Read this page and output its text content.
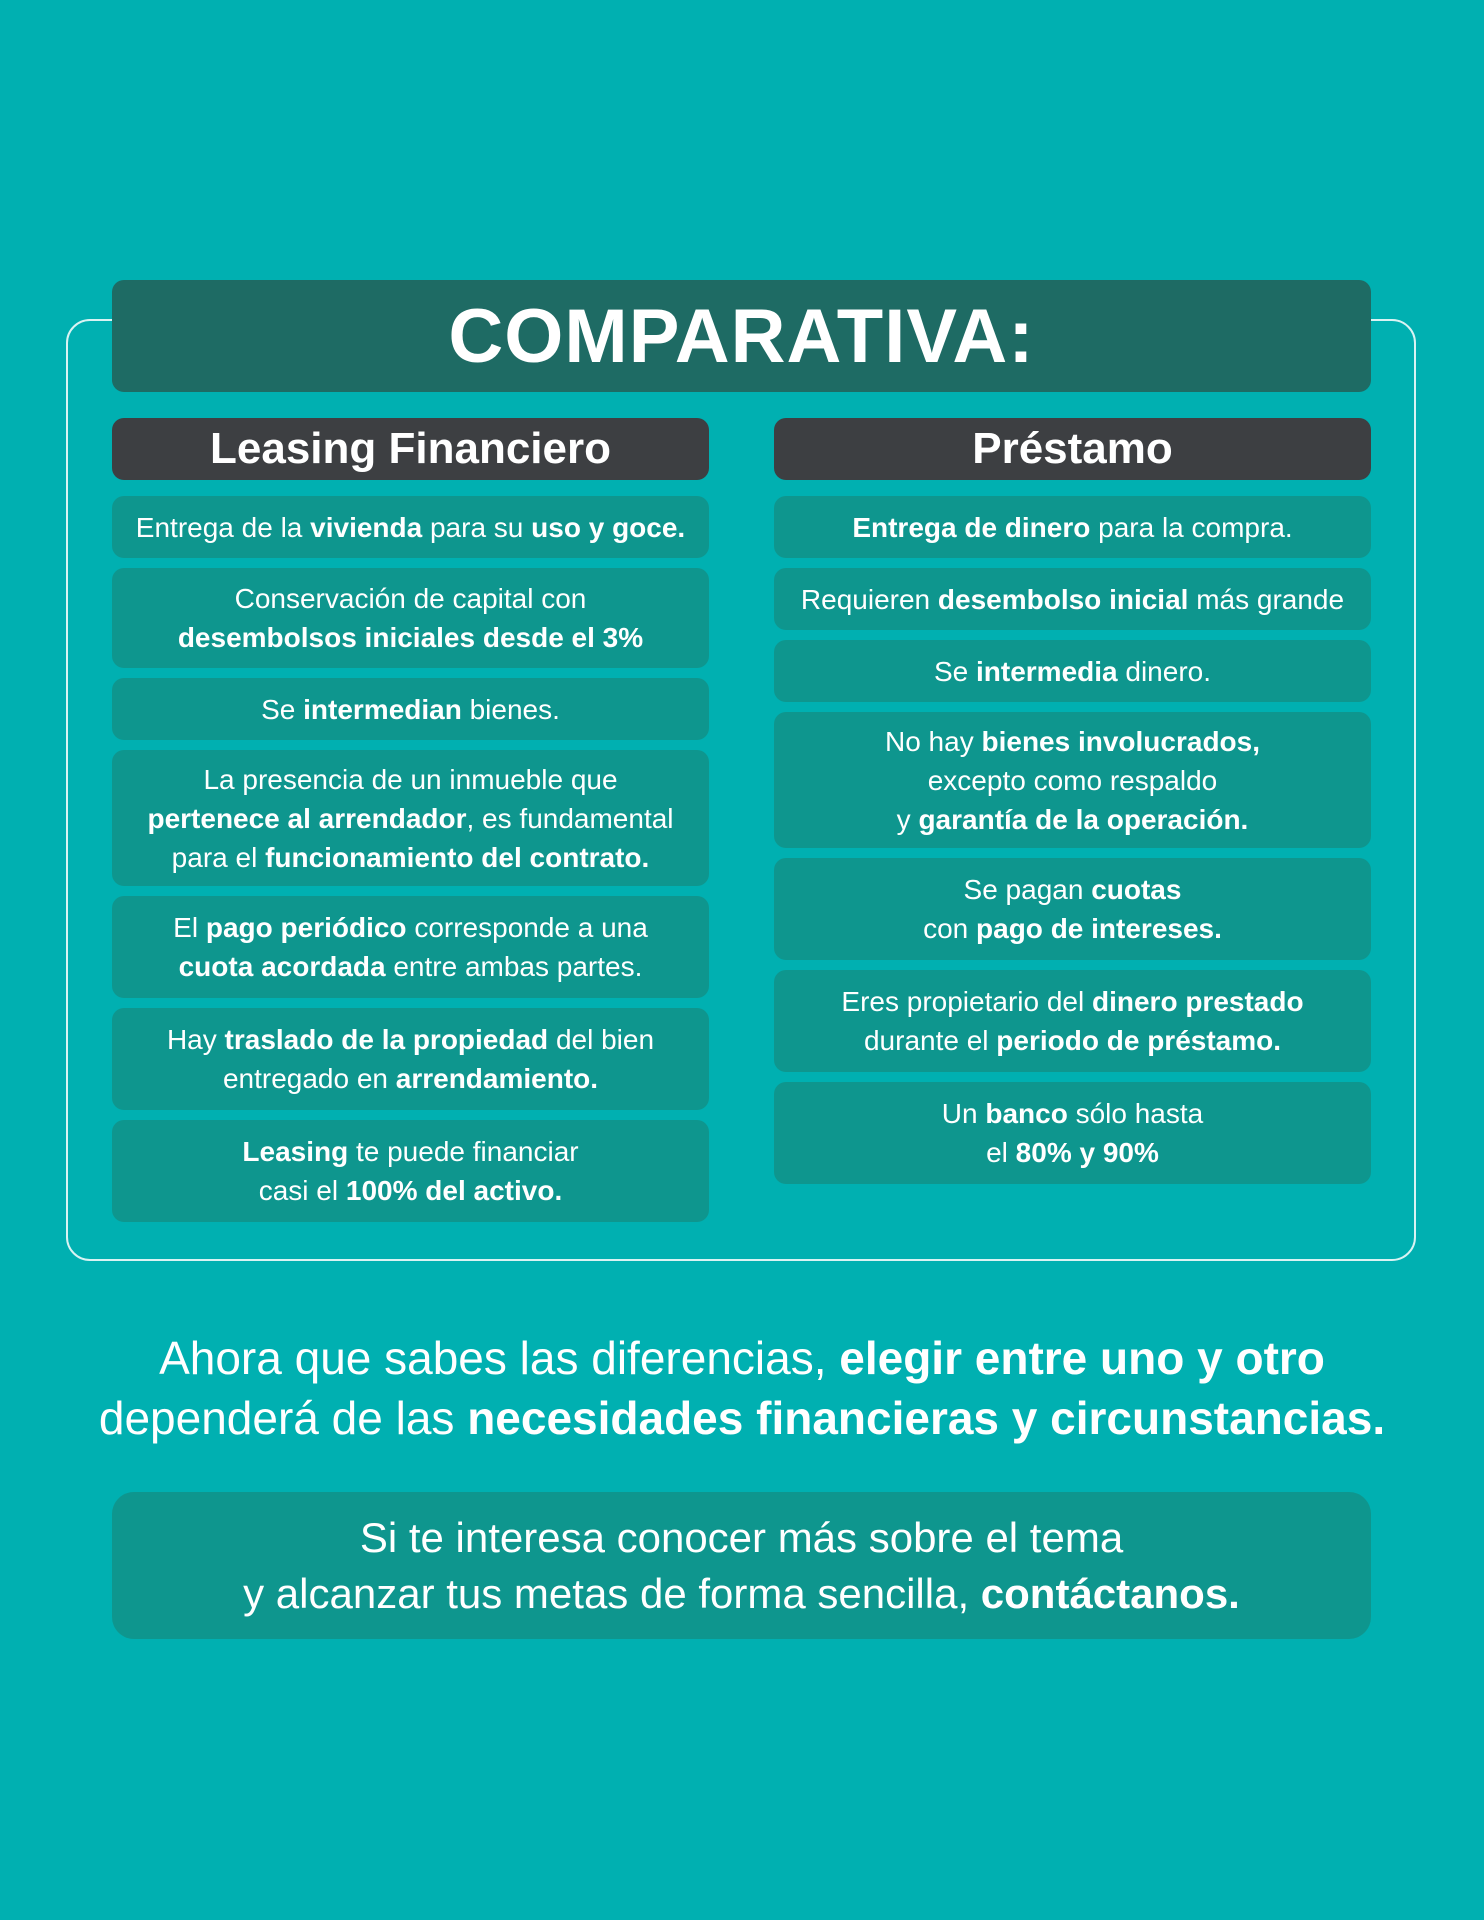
COMPARATIVA:
Leasing Financiero
Entrega de la vivienda para su uso y goce.
Conservación de capital con
desembolsos iniciales desde el 3%
Se intermedian bienes.
La presencia de un inmueble que
pertenece al arrendador, es fundamental
para el funcionamiento del contrato.
El pago periódico corresponde a una
cuota acordada entre ambas partes.
Hay traslado de la propiedad del bien
entregado en arrendamiento.
Leasing te puede financiar
casi el 100% del activo.
Préstamo
Entrega de dinero para la compra.
Requieren desembolso inicial más grande
Se intermedia dinero.
No hay bienes involucrados,
excepto como respaldo
y garantía de la operación.
Se pagan cuotas
con pago de intereses.
Eres propietario del dinero prestado
durante el periodo de préstamo.
Un banco sólo hasta
el 80% y 90%
Ahora que sabes las diferencias, elegir entre uno y otro
dependerá de las necesidades financieras y circunstancias.
Si te interesa conocer más sobre el tema
y alcanzar tus metas de forma sencilla, contáctanos.
